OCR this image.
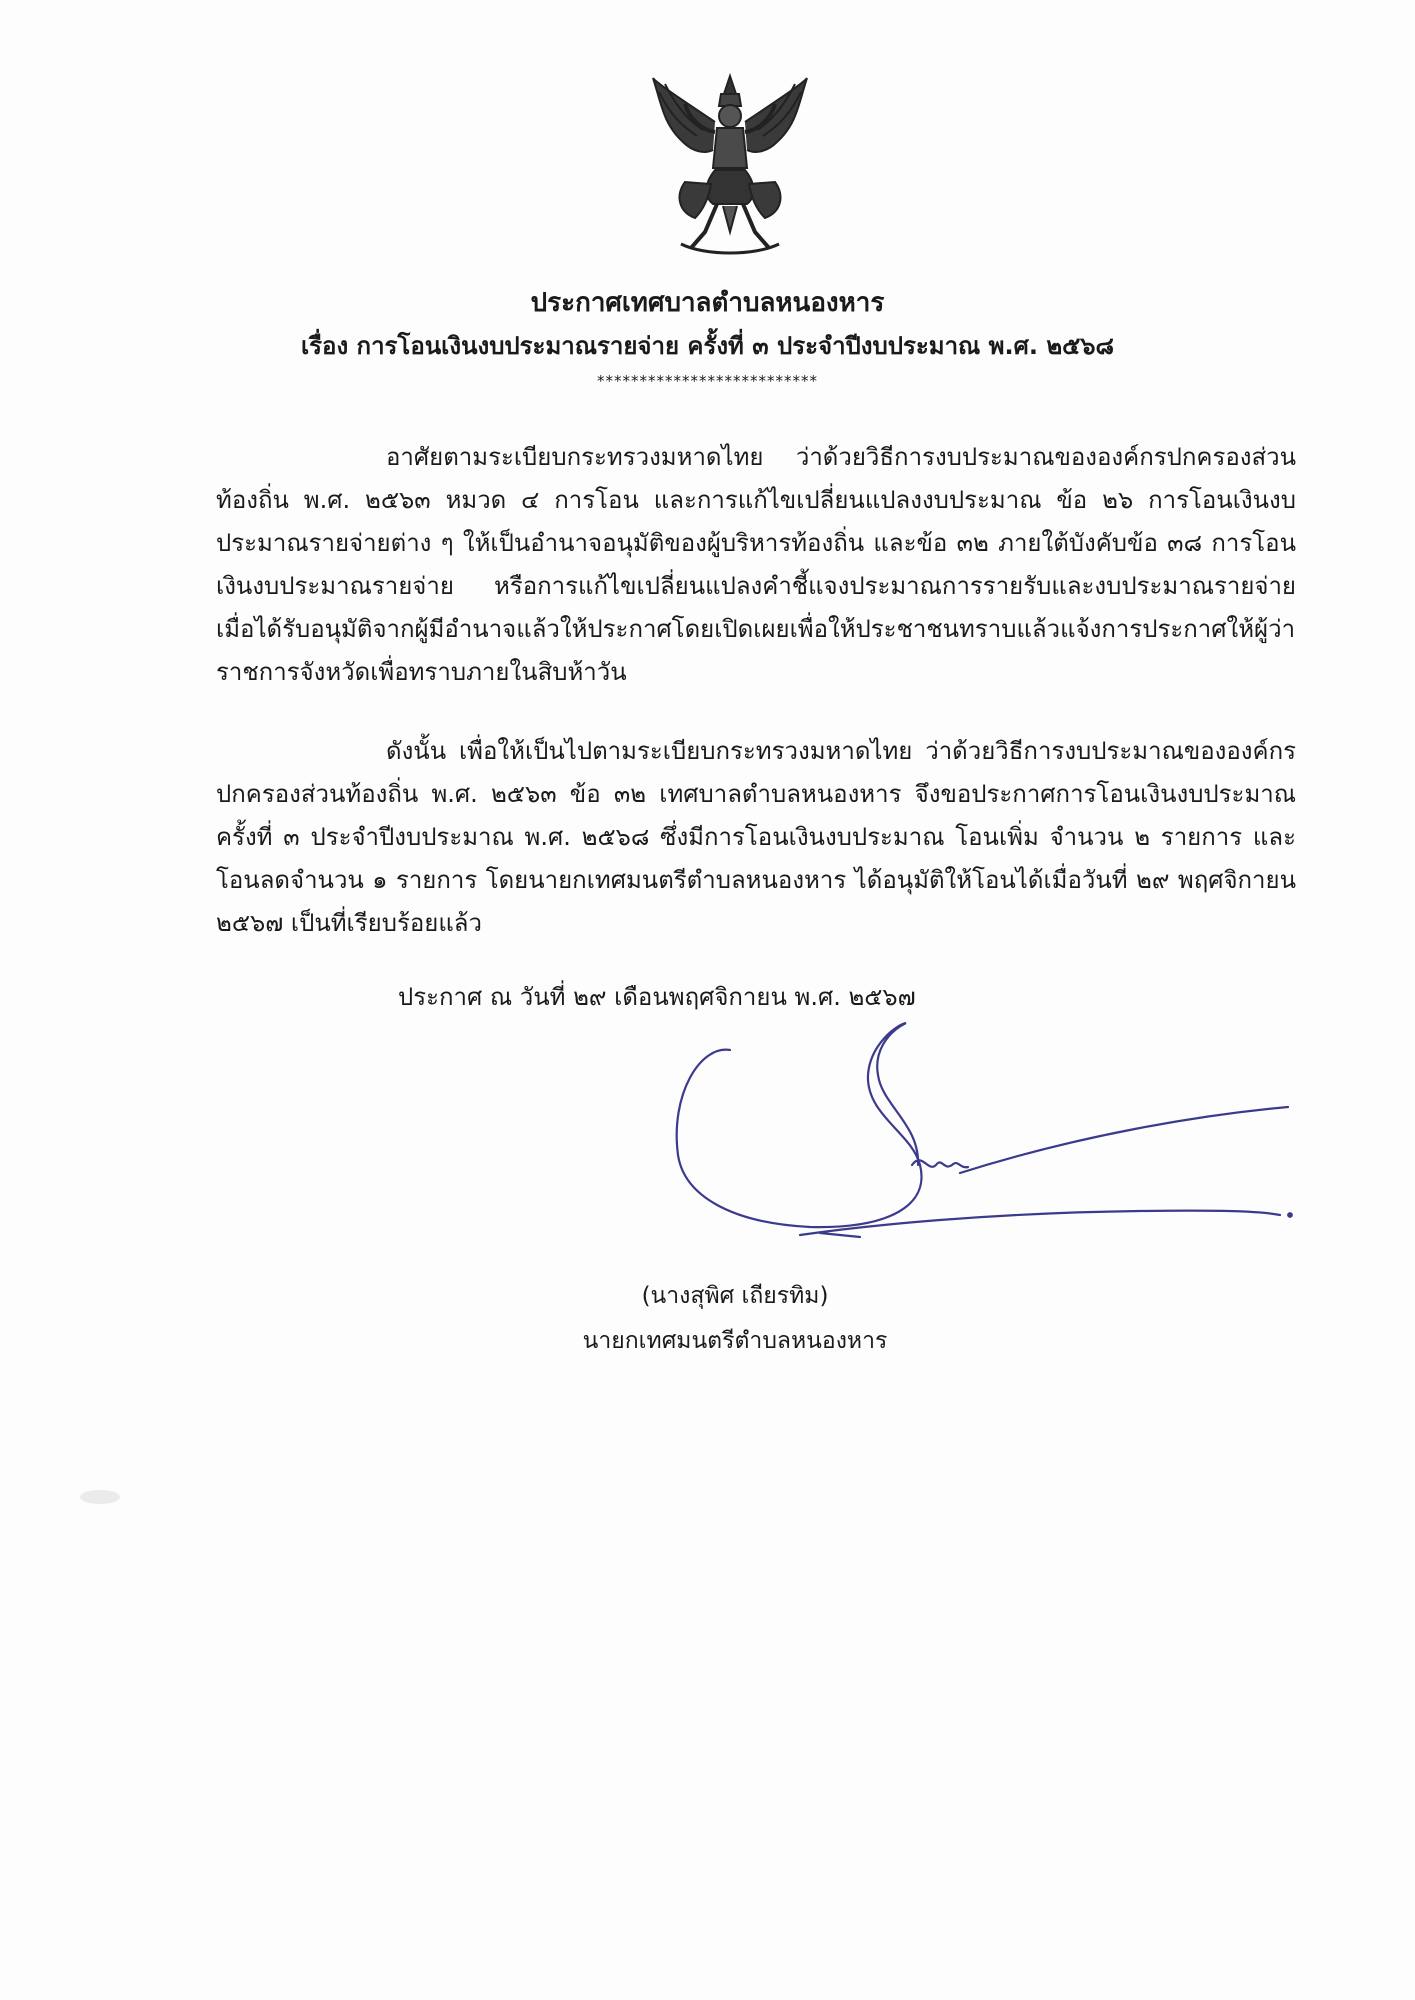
ประกาศเทศบาลตำบลหนองหาร
เรื่อง การโอนเงินงบประมาณรายจ่าย ครั้งที่ ๓ ประจำปีงบประมาณ พ.ศ. ๒๕๖๘
**************************

อาศัยตามระเบียบกระทรวงมหาดไทย ว่าด้วยวิธีการงบประมาณขององค์กรปกครองส่วนท้องถิ่น พ.ศ. ๒๕๖๓ หมวด ๔ การโอน และการแก้ไขเปลี่ยนแปลงงบประมาณ ข้อ ๒๖ การโอนเงินงบประมาณรายจ่ายต่าง ๆ ให้เป็นอำนาจอนุมัติของผู้บริหารท้องถิ่น และข้อ ๓๒ ภายใต้บังคับข้อ ๓๘ การโอนเงินงบประมาณรายจ่าย หรือการแก้ไขเปลี่ยนแปลงคำชี้แจงประมาณการรายรับและงบประมาณรายจ่าย เมื่อได้รับอนุมัติจากผู้มีอำนาจแล้วให้ประกาศโดยเปิดเผยเพื่อให้ประชาชนทราบแล้วแจ้งการประกาศให้ผู้ว่าราชการจังหวัดเพื่อทราบภายในสิบห้าวัน

ดังนั้น เพื่อให้เป็นไปตามระเบียบกระทรวงมหาดไทย ว่าด้วยวิธีการงบประมาณขององค์กรปกครองส่วนท้องถิ่น พ.ศ. ๒๕๖๓ ข้อ ๓๒ เทศบาลตำบลหนองหาร จึงขอประกาศการโอนเงินงบประมาณครั้งที่ ๓ ประจำปีงบประมาณ พ.ศ. ๒๕๖๘ ซึ่งมีการโอนเงินงบประมาณ โอนเพิ่ม จำนวน ๒ รายการ และโอนลดจำนวน ๑ รายการ โดยนายกเทศมนตรีตำบลหนองหาร ได้อนุมัติให้โอนได้เมื่อวันที่ ๒๙ พฤศจิกายน ๒๕๖๗ เป็นที่เรียบร้อยแล้ว

ประกาศ ณ วันที่ ๒๙ เดือนพฤศจิกายน พ.ศ. ๒๕๖๗
(นางสุพิศ เถียรทิม)
นายกเทศมนตรีตำบลหนองหาร
